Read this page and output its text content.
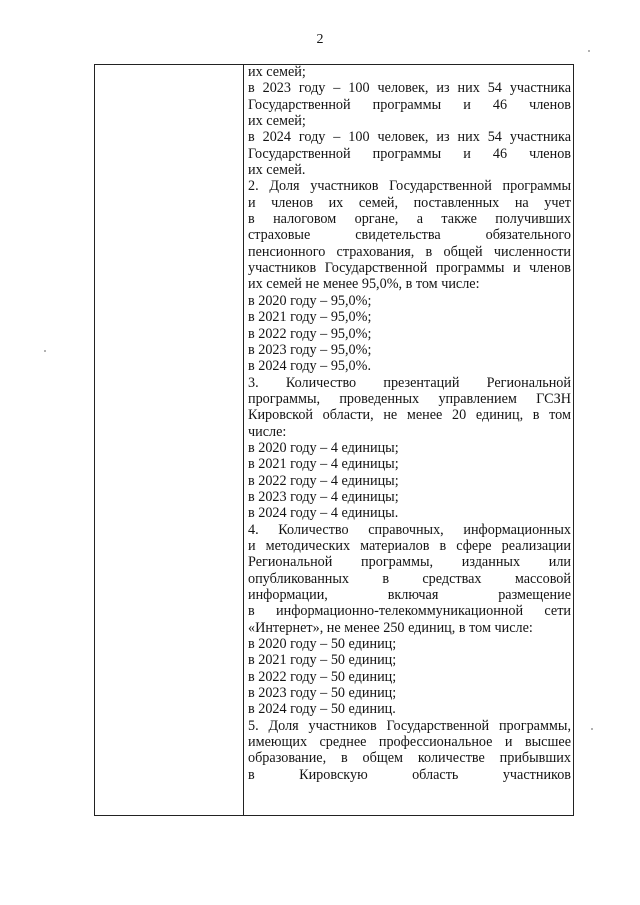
2
их семей;
в 2023 году – 100 человек, из них 54 участника
Государственной программы и 46 членов
их семей;
в 2024 году – 100 человек, из них 54 участника
Государственной программы и 46 членов
их семей.
2. Доля участников Государственной программы
и членов их семей, поставленных на учет
в налоговом органе, а также получивших
страховые свидетельства обязательного
пенсионного страхования, в общей численности
участников Государственной программы и членов
их семей не менее 95,0%, в том числе:
в 2020 году – 95,0%;
в 2021 году – 95,0%;
в 2022 году – 95,0%;
в 2023 году – 95,0%;
в 2024 году – 95,0%.
3. Количество презентаций Региональной
программы, проведенных управлением ГСЗН
Кировской области, не менее 20 единиц, в том
числе:
в 2020 году – 4 единицы;
в 2021 году – 4 единицы;
в 2022 году – 4 единицы;
в 2023 году – 4 единицы;
в 2024 году – 4 единицы.
4. Количество справочных, информационных
и методических материалов в сфере реализации
Региональной программы, изданных или
опубликованных в средствах массовой
информации, включая размещение
в информационно-телекоммуникационной сети
«Интернет», не менее 250 единиц, в том числе:
в 2020 году – 50 единиц;
в 2021 году – 50 единиц;
в 2022 году – 50 единиц;
в 2023 году – 50 единиц;
в 2024 году – 50 единиц.
5. Доля участников Государственной программы,
имеющих среднее профессиональное и высшее
образование, в общем количестве прибывших
в Кировскую область участников
